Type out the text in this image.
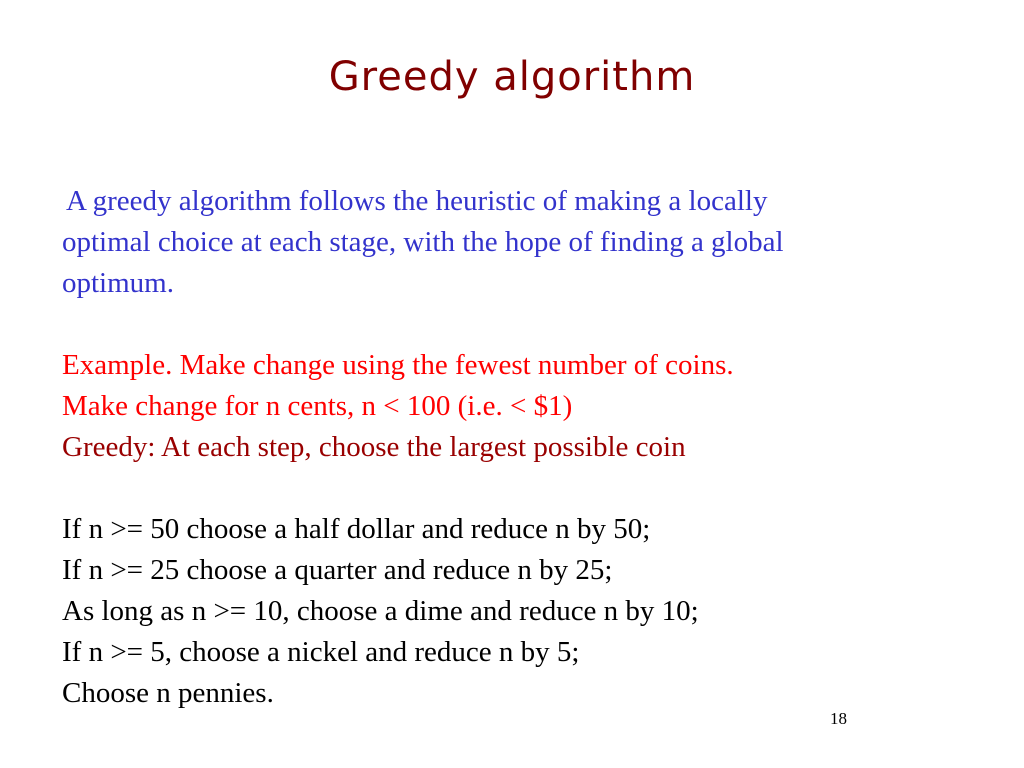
Greedy algorithm
A greedy algorithm follows the heuristic of making a locally
optimal choice at each stage, with the hope of finding a global
optimum.
Example. Make change using the fewest number of coins.
Make change for n cents, n < 100 (i.e. < $1)
Greedy: At each step, choose the largest possible coin
If n >= 50 choose a half dollar and reduce n by 50;
If n >= 25 choose a quarter and reduce n by 25;
As long as n >= 10, choose a dime and reduce n by 10;
If n >= 5, choose a nickel and reduce n by 5;
Choose n pennies.
18
